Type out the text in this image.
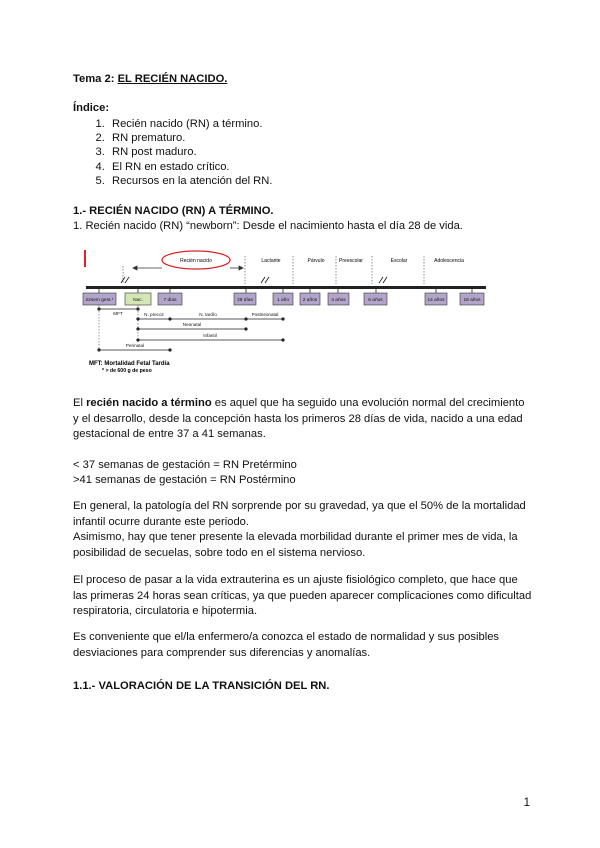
Tema 2: EL RECIÉN NACIDO.
Índice:
1. Recién nacido (RN) a término.
2. RN prematuro.
3. RN post maduro.
4. El RN en estado crítico.
5. Recursos en la atención del RN.
1.- RECIÉN NACIDO (RN) A TÉRMINO.
1. Recién nacido (RN) “newborn”: Desde el nacimiento hasta el día 28 de vida.
Recién nacido	Lactante	Párvulo	Preescolar	Escolar	Adolescencia
22sem gest.*	Nac.	7 días	28 días	1 año	2 años	4 años	6 años	14 años	18 años
MFT	N. precoz	N. tardío	Postneonatal
Neonatal
Infantil
Perinatal
MFT: Mortalidad Fetal Tardía
* > de 600 g de peso
El recién nacido a término es aquel que ha seguido una evolución normal del crecimiento y el desarrollo, desde la concepción hasta los primeros 28 días de vida, nacido a una edad gestacional de entre 37 a 41 semanas.
< 37 semanas de gestación = RN Pretérmino
>41 semanas de gestación = RN Postérmino
En general, la patología del RN sorprende por su gravedad, ya que el 50% de la mortalidad infantil ocurre durante este periodo.
Asimismo, hay que tener presente la elevada morbilidad durante el primer mes de vida, la posibilidad de secuelas, sobre todo en el sistema nervioso.
El proceso de pasar a la vida extrauterina es un ajuste fisiológico completo, que hace que las primeras 24 horas sean críticas, ya que pueden aparecer complicaciones como dificultad respiratoria, circulatoria e hipotermia.
Es conveniente que el/la enfermero/a conozca el estado de normalidad y sus posibles desviaciones para comprender sus diferencias y anomalías.
1.1.- VALORACIÓN DE LA TRANSICIÓN DEL RN.
1
